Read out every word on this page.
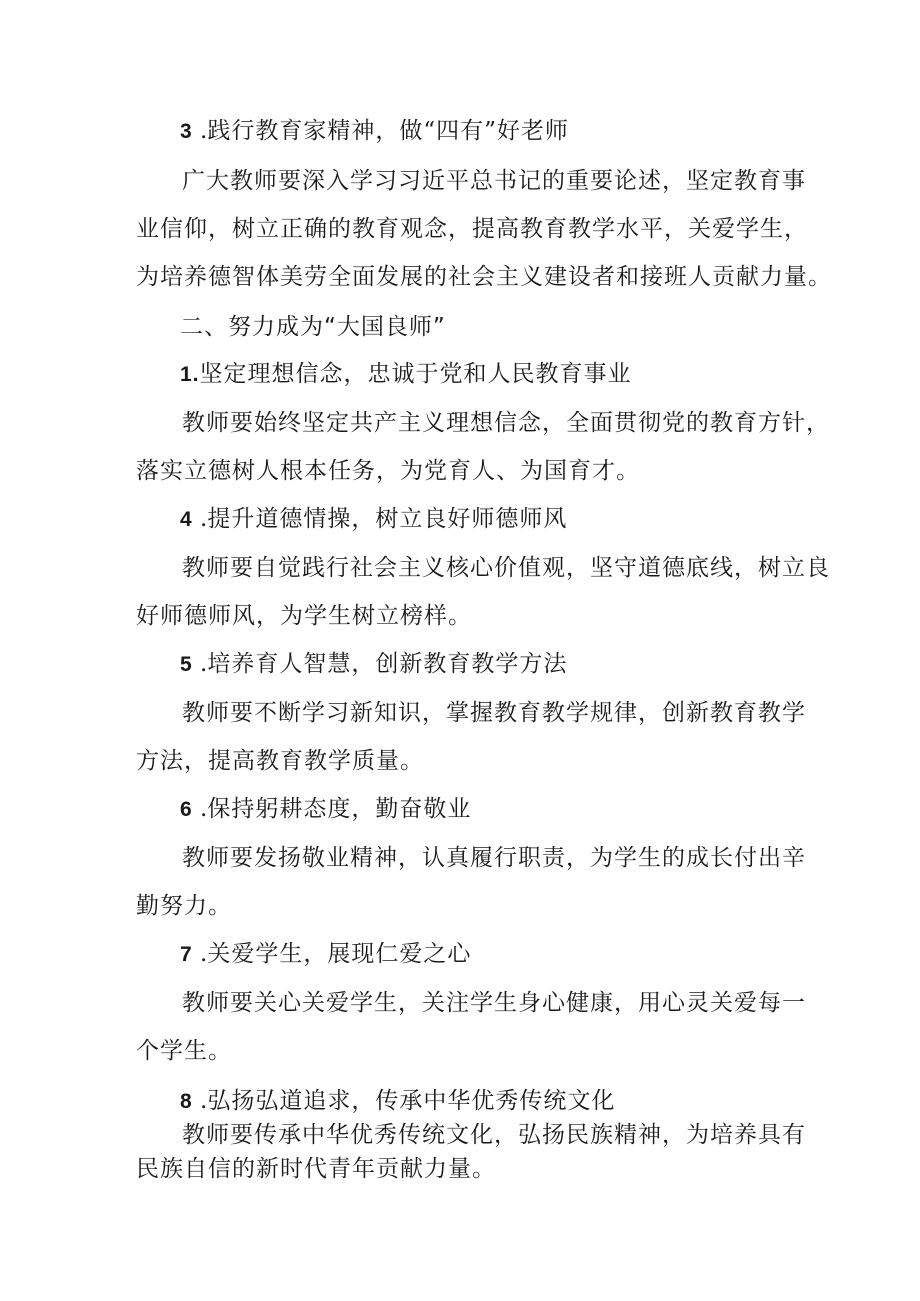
3 .践行教育家精神，做“四有”好老师
广大教师要深入学习习近平总书记的重要论述，坚定教育事
业信仰，树立正确的教育观念，提高教育教学水平，关爱学生，
为培养德智体美劳全面发展的社会主义建设者和接班人贡献力量。
二、努力成为“大国良师”
1.坚定理想信念，忠诚于党和人民教育事业
教师要始终坚定共产主义理想信念，全面贯彻党的教育方针，
落实立德树人根本任务，为党育人、为国育才。
4 .提升道德情操，树立良好师德师风
教师要自觉践行社会主义核心价值观，坚守道德底线，树立良
好师德师风，为学生树立榜样。
5 .培养育人智慧，创新教育教学方法
教师要不断学习新知识，掌握教育教学规律，创新教育教学
方法，提高教育教学质量。
6 .保持躬耕态度，勤奋敬业
教师要发扬敬业精神，认真履行职责，为学生的成长付出辛
勤努力。
7 .关爱学生，展现仁爱之心
教师要关心关爱学生，关注学生身心健康，用心灵关爱每一
个学生。
8 .弘扬弘道追求，传承中华优秀传统文化
教师要传承中华优秀传统文化，弘扬民族精神，为培养具有
民族自信的新时代青年贡献力量。
